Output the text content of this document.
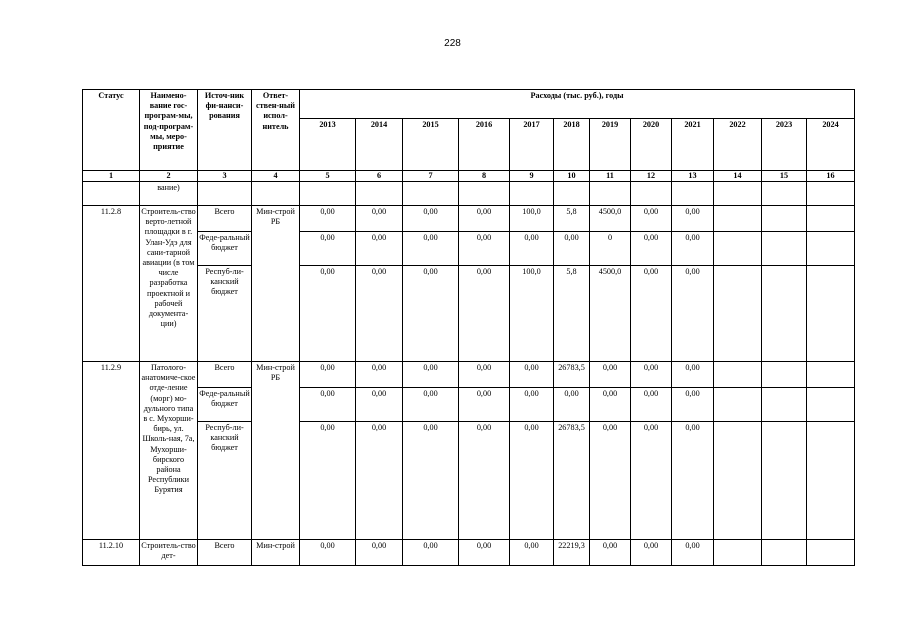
228
Статус	Наимено-вание гос-програм-мы, под-програм-мы, меро-приятие	Источ-ник фи-нанси-рования	Ответ-ствен-ный испол-нитель	Расходы (тыс. руб.), годы											
				2013	2014	2015	2016	2017	2018	2019	2020	2021	2022	2023	2024
1	2	3	4	5	6	7	8	9	10	11	12	13	14	15	16
	вание)														
11.2.8	Строитель-ство верто-летной площадки в г. Улан-Удэ для сани-тарной авиации (в том числе разработка проектной и рабочей документа-ции)	Всего	Мин-строй РБ	0,00	0,00	0,00	0,00	100,0	5,8	4500,0	0,00	0,00			
		Феде-ральный бюджет		0,00	0,00	0,00	0,00	0,00	0,00	0	0,00	0,00			
		Респуб-ли-канский бюджет		0,00	0,00	0,00	0,00	100,0	5,8	4500,0	0,00	0,00			
11.2.9	Патолого-анатомиче-ское отде-ление (морг) мо-дульного типа в с. Мухорши-бирь, ул. Школь-ная, 7а, Мухорши-бирского района Республики Бурятия	Всего	Мин-строй РБ	0,00	0,00	0,00	0,00	0,00	26783,5	0,00	0,00	0,00			
		Феде-ральный бюджет		0,00	0,00	0,00	0,00	0,00	0,00	0,00	0,00	0,00			
		Респуб-ли-канский бюджет		0,00	0,00	0,00	0,00	0,00	26783,5	0,00	0,00	0,00			
11.2.10	Строитель-ство дет-	Всего	Мин-строй	0,00	0,00	0,00	0,00	0,00	22219,3	0,00	0,00	0,00			
